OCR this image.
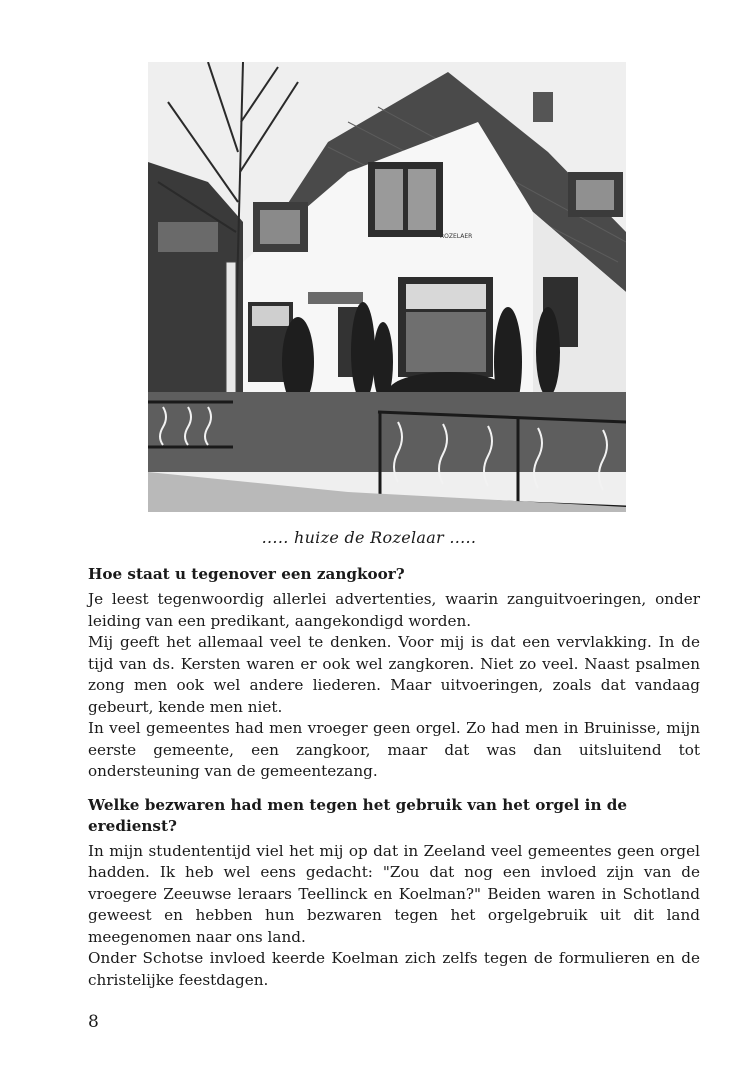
ROZELAER
..... huize de Rozelaar .....
Hoe staat u tegenover een zangkoor?

Je leest tegenwoordig allerlei advertenties, waarin zanguitvoeringen, onder leiding van een predikant, aangekondigd worden.

Mij geeft het allemaal veel te denken. Voor mij is dat een vervlakking. In de tijd van ds. Kersten waren er ook wel zangkoren. Niet zo veel. Naast psalmen zong men ook wel andere liederen. Maar uitvoeringen, zoals dat vandaag gebeurt, kende men niet.

In veel gemeentes had men vroeger geen orgel. Zo had men in Bruinisse, mijn eerste gemeente, een zangkoor, maar dat was dan uitsluitend tot ondersteuning van de gemeentezang.

Welke bezwaren had men tegen het gebruik van het orgel in de eredienst?

In mijn studententijd viel het mij op dat in Zeeland veel gemeentes geen orgel hadden. Ik heb wel eens gedacht: "Zou dat nog een invloed zijn van de vroegere Zeeuwse leraars Teellinck en Koelman?" Beiden waren in Schotland geweest en hebben hun bezwaren tegen het orgelgebruik uit dit land meegenomen naar ons land.

Onder Schotse invloed keerde Koelman zich zelfs tegen de formulieren en de christelijke feestdagen.

8
